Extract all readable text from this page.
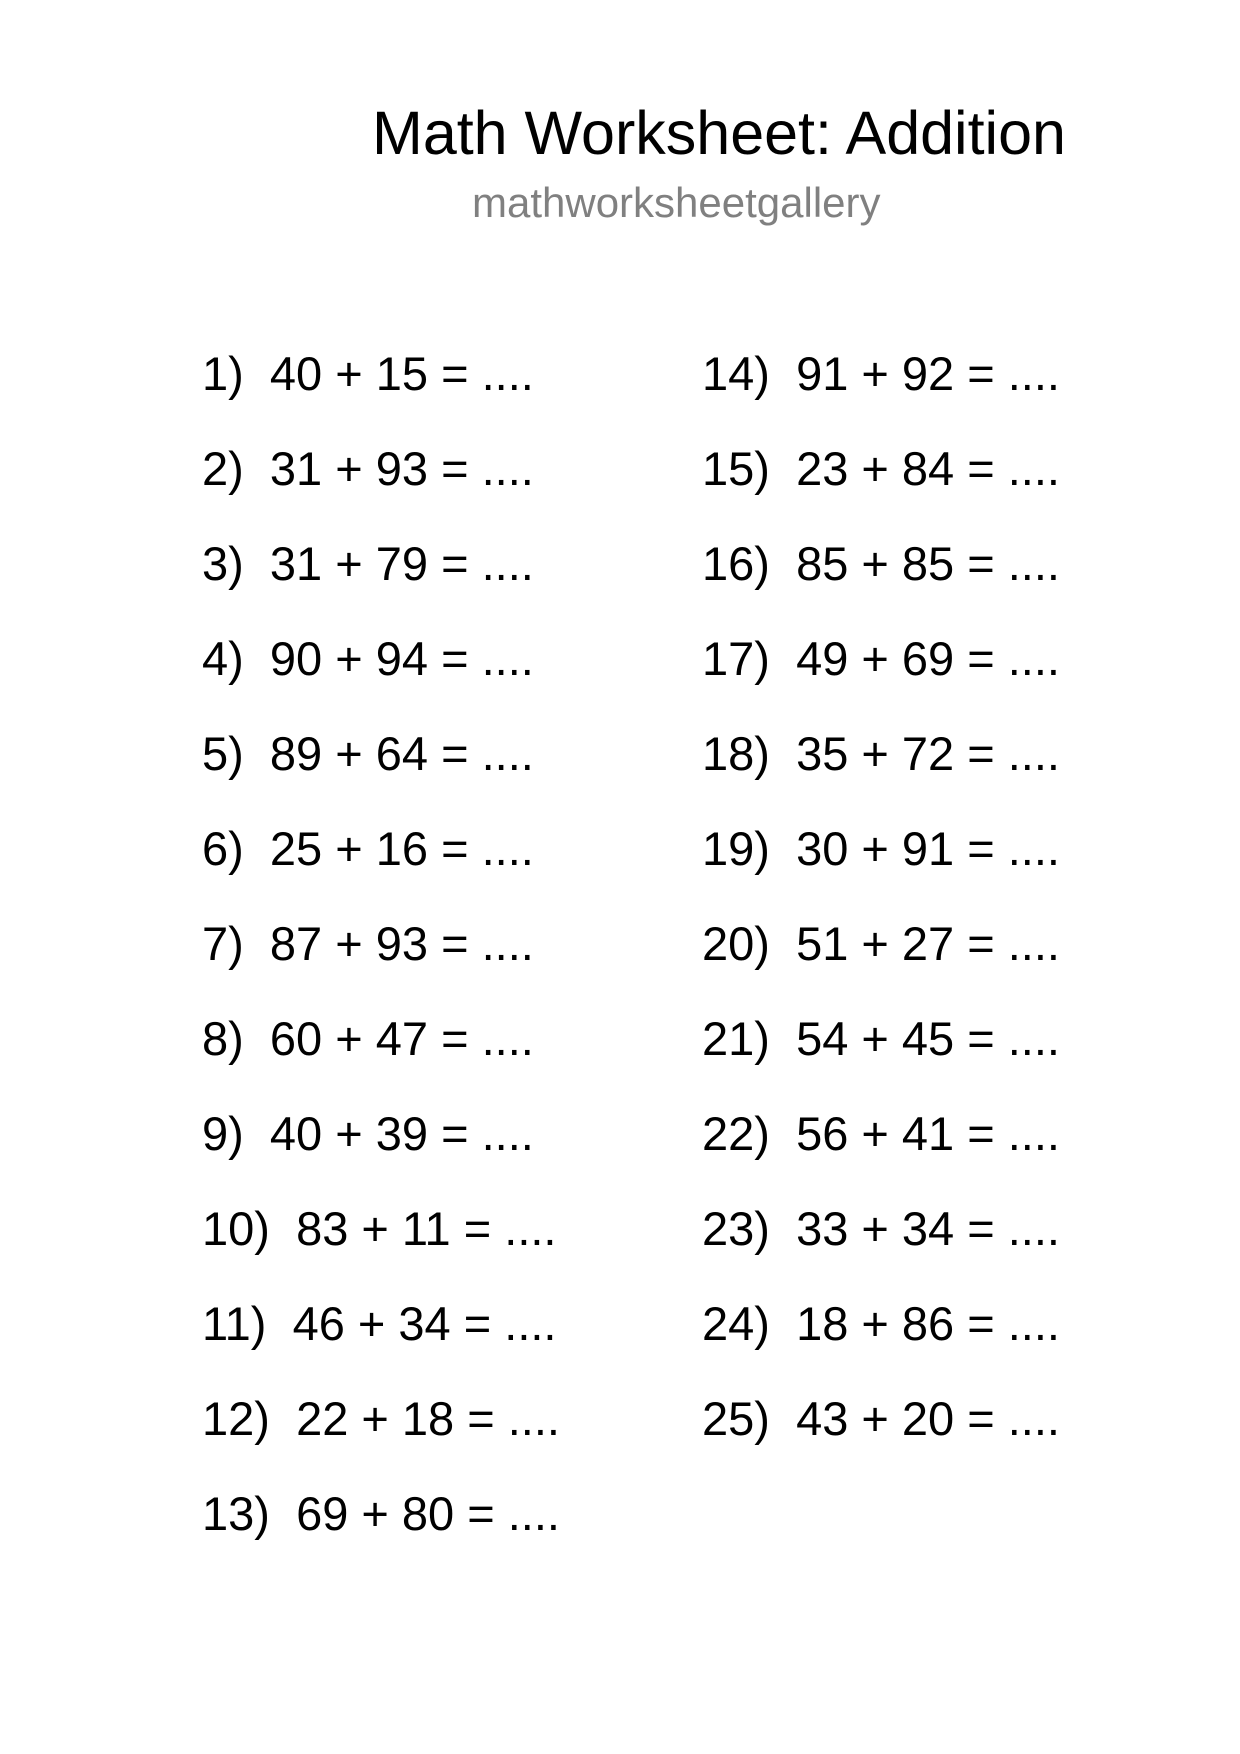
Math Worksheet: Addition
mathworksheetgallery
1) 40 + 15 = ....
2) 31 + 93 = ....
3) 31 + 79 = ....
4) 90 + 94 = ....
5) 89 + 64 = ....
6) 25 + 16 = ....
7) 87 + 93 = ....
8) 60 + 47 = ....
9) 40 + 39 = ....
10) 83 + 11 = ....
11) 46 + 34 = ....
12) 22 + 18 = ....
13) 69 + 80 = ....
14) 91 + 92 = ....
15) 23 + 84 = ....
16) 85 + 85 = ....
17) 49 + 69 = ....
18) 35 + 72 = ....
19) 30 + 91 = ....
20) 51 + 27 = ....
21) 54 + 45 = ....
22) 56 + 41 = ....
23) 33 + 34 = ....
24) 18 + 86 = ....
25) 43 + 20 = ....
